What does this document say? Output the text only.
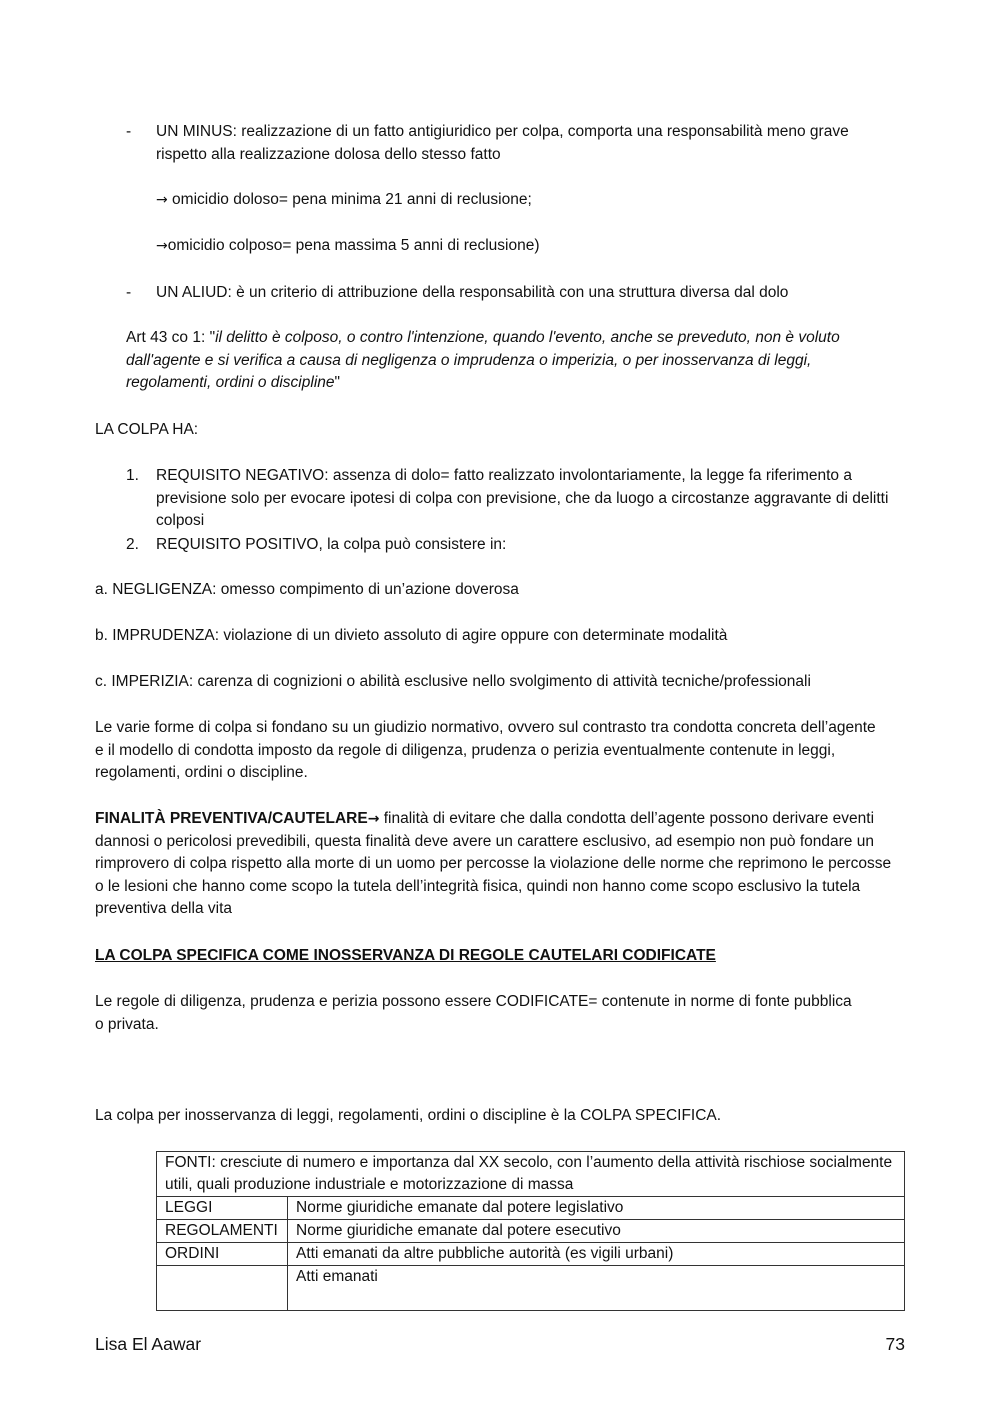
- UN MINUS: realizzazione di un fatto antigiuridico per colpa, comporta una responsabilità meno grave rispetto alla realizzazione dolosa dello stesso fatto
→ omicidio doloso= pena minima 21 anni di reclusione;
→omicidio colposo= pena massima 5 anni di reclusione)
- UN ALIUD: è un criterio di attribuzione della responsabilità con una struttura diversa dal dolo
Art 43 co 1: "il delitto è colposo, o contro l'intenzione, quando l'evento, anche se preveduto, non è voluto dall'agente e si verifica a causa di negligenza o imprudenza o imperizia, o per inosservanza di leggi, regolamenti, ordini o discipline"
LA COLPA HA:
1. REQUISITO NEGATIVO: assenza di dolo= fatto realizzato involontariamente, la legge fa riferimento a previsione solo per evocare ipotesi di colpa con previsione, che da luogo a circostanze aggravante di delitti colposi
2. REQUISITO POSITIVO, la colpa può consistere in:
a. NEGLIGENZA: omesso compimento di un’azione doverosa
b. IMPRUDENZA: violazione di un divieto assoluto di agire oppure con determinate modalità
c. IMPERIZIA: carenza di cognizioni o abilità esclusive nello svolgimento di attività tecniche/professionali
Le varie forme di colpa si fondano su un giudizio normativo, ovvero sul contrasto tra condotta concreta dell’agente e il modello di condotta imposto da regole di diligenza, prudenza o perizia eventualmente contenute in leggi, regolamenti, ordini o discipline.
FINALITÀ PREVENTIVA/CAUTELARE→ finalità di evitare che dalla condotta dell’agente possono derivare eventi dannosi o pericolosi prevedibili, questa finalità deve avere un carattere esclusivo, ad esempio non può fondare un rimprovero di colpa rispetto alla morte di un uomo per percosse la violazione delle norme che reprimono le percosse o le lesioni che hanno come scopo la tutela dell’integrità fisica, quindi non hanno come scopo esclusivo la tutela preventiva della vita
LA COLPA SPECIFICA COME INOSSERVANZA DI REGOLE CAUTELARI CODIFICATE
Le regole di diligenza, prudenza e perizia possono essere CODIFICATE= contenute in norme di fonte pubblica o privata.
La colpa per inosservanza di leggi, regolamenti, ordini o discipline è la COLPA SPECIFICA.
FONTI: cresciute di numero e importanza dal XX secolo, con l’aumento della attività rischiose socialmente utili, quali produzione industriale e motorizzazione di massa	
LEGGI	Norme giuridiche emanate dal potere legislativo
REGOLAMENTI	Norme giuridiche emanate dal potere esecutivo
ORDINI	Atti emanati da altre pubbliche autorità (es vigili urbani)
	Atti emanati
Lisa El Aawar	73
